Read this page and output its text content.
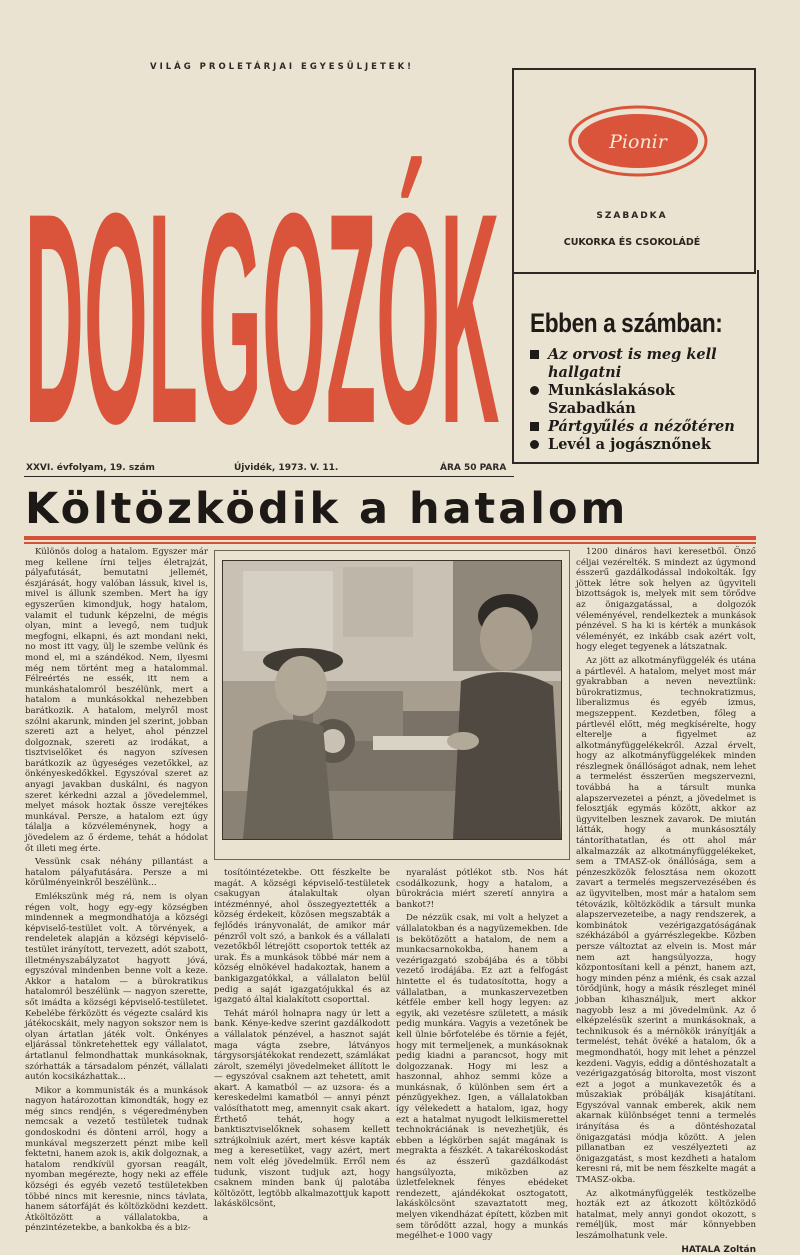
VILÁG PROLETÁRJAI EGYESÜLJETEK!
DOLGOZÓK
XXVI. évfolyam, 19. szám	Újvidék, 1973. V. 11.	ÁRA 50 PARA
Pionir
SZABADKA
CUKORKA ÉS CSOKOLÁDÉ
Ebben a számban:
Az orvost is meg kell hallgatni
Munkáslakások Szabadkán
Pártgyűlés a nézőtéren
Levél a jogásznőnek
Költözködik a hatalom

Különös dolog a hatalom. Egyszer már meg kellene írni teljes életrajzát, pályafutását, bemutatni jellemét, észjárását, hogy valóban lássuk, kivel is, mivel is állunk szemben. Mert ha így egyszerűen kimondjuk, hogy hatalom, valamit el tudunk képzelni, de mégis olyan, mint a levegő, nem tudjuk megfogni, elkapni, és azt mondani neki, no most itt vagy, ülj le szembe velünk és mond el, mi a szándékod. Nem, ilyesmi még nem történt meg a hatalommal. Félreértés ne essék, itt nem a munkáshatalomról beszélünk, mert a hatalom a munkásokkal nehezebben barátkozik. A hatalom, melyről most szólni akarunk, minden jel szerint, jobban szereti azt a helyet, ahol pénzzel dolgoznak, szereti az irodákat, a tisztviselőket és nagyon szívesen barátkozik az ügyeséges vezetőkkel, az önkényeskedőkkel. Egyszóval szeret az anyagi javakban duskálni, és nagyon szeret kérkedni azzal a jövedelemmel, melyet mások hoztak össze verejtékes munkával. Persze, a hatalom ezt úgy tálalja a közvéleménynek, hogy a jövedelem az ő érdeme, tehát a hódolat őt illeti meg érte.

Vessünk csak néhány pillantást a hatalom pályafutására. Persze a mi körülményeinkről beszélünk...

Emlékszünk még rá, nem is olyan régen volt, hogy egy-egy községben mindennek a megmondhatója a községi képviselő-testület volt. A törvények, a rendeletek alapján a községi képviselő-testület irányított, tervezett, adót szabott, illetményszabályzatot hagyott jóvá, egyszóval mindenben benne volt a keze. Akkor a hatalom — a bürokratikus hatalomról beszélünk — nagyon szerette, sőt imádta a községi képviselő-testületet. Kebelébe férközött és végezte csalárd kis játékocskáit, mely nagyon sokszor nem is olyan ártatlan játék volt. Önkényes eljárással tönkretehettek egy vállalatot, ártatlanul felmondhattak munkásoknak, szórhatták a társadalom pénzét, vállalati autón kocsikázhattak...

Mikor a kommunisták és a munkások nagyon határozottan kimondták, hogy ez még sincs rendjén, s végeredményben nemcsak a vezető testületek tudnak gondoskodni és dönteni arról, hogy a munkával megszerzett pénzt mibe kell fektetni, hanem azok is, akik dolgoznak, a hatalom rendkívül gyorsan reagált, nyomban megérezte, hogy neki az efféle községi és egyéb vezető testületekben többé nincs mit keresnie, nincs távlata, hanem sátorfáját és költözködni kezdett. Átköltözött a vállalatokba, a pénzintézetekbe, a bankokba és a biz-

tosítóintézetekbe. Ott fészkelte be magát. A községi képviselő-testületek csakugyan átalakultak olyan intézménnyé, ahol összegyeztették a község érdekeit, közösen megszabták a fejlődés irányvonalát, de amikor már pénzről volt szó, a bankok és a vállalati vezetőkből létrejött csoportok tették az urak. És a munkások többé már nem a község elnökével hadakoztak, hanem a bankigazgatókkal, a vállalaton belül pedig a saját igazgatójukkal és az igazgató által kialakított csoporttal.

Tehát máról holnapra nagy úr lett a bank. Kénye-kedve szerint gazdálkodott a vállalatok pénzével, a hasznot saját maga vágta zsebre, látványos tárgysorsjátékokat rendezett, számlákat zárolt, személyi jövedelmeket állított le — egyszóval csaknem azt tehetett, amit akart. A kamatból — az uzsora- és a kereskedelmi kamatból — annyi pénzt valósíthatott meg, amennyit csak akart. Érthető tehát, hogy a banktisztviselőknek sohasem kellett sztrájkolniuk azért, mert késve kapták meg a keresetüket, vagy azért, mert nem volt elég jövedelmük. Erről nem tudunk, viszont tudjuk azt, hogy csaknem minden bank új palotába költözött, legtöbb alkalmazottjuk kapott lakáskölcsönt,

nyaralást pótlékot stb. Nos hát csodálkozunk, hogy a hatalom, a bürokrácia miért szeretí annyira a bankot?!

De nézzük csak, mi volt a helyzet a vállalatokban és a nagyüzemekben. Ide is bekötözött a hatalom, de nem a munkacsarnokokba, hanem a vezérigazgató szobájába és a többi vezető irodájába. Ez azt a felfogást hintette el és tudatosította, hogy a vállalatban, a munkaszervezetben kétféle ember kell hogy legyen: az egyik, aki vezetésre született, a másik pedig munkára. Vagyis a vezetőnek be kell ülnie bőrfotelébe és törnie a fejét, hogy mit termeljenek, a munkásoknak pedig kiadni a parancsot, hogy mit dolgozzanak. Hogy mi lesz a haszonnal, ahhoz semmi köze a munkásnak, ő különben sem ért a pénzügyekhez. Igen, a vállalatokban így vélekedett a hatalom, igaz, hogy ezt a hatalmat nyugodt lelkiismerettel technokráciának is nevezhetjük, és ebben a légkörben saját magának is megrakta a fészkét. A takarékoskodást és az ésszerű gazdálkodást hangsúlyozta, miközben az üzletfeleknek fényes ebédeket rendezett, ajándékokat osztogatott, lakáskölcsönt szavaztatott meg, melyen vikendházat épített, közben mit sem törődött azzal, hogy a munkás megélhet-e 1000 vagy

1200 dináros havi keresetből. Önző céljai vezérelték. S mindezt az úgymond ésszerű gazdálkodással indokolták. Így jöttek létre sok helyen az ügyviteli bizottságok is, melyek mit sem törődve az önigazgatással, a dolgozók véleményével, rendelkeztek a munkások pénzével. S ha ki is kérték a munkások véleményét, ez inkább csak azért volt, hogy eleget tegyenek a látszatnak.

Az jött az alkotmányfüggelék és utána a pártlevél. A hatalom, melyet most már gyakrabban a neven neveztünk: bürokratizmus, technokratizmus, liberalizmus és egyéb izmus, megszeppent. Kezdetben, főleg a pártlevél előtt, még megkísérelte, hogy elterelje a figyelmet az alkotmányfüggelékekről. Azzal érvelt, hogy az alkotmányfüggelékek minden részlegnek önállóságot adnak, nem lehet a termelést ésszerűen megszervezni, továbbá ha a társult munka alapszervezetei a pénzt, a jövedelmet is felosztják egymás között, akkor az ügyvitelben lesznek zavarok. De miután látták, hogy a munkásosztály tántoríthatatlan, és ott ahol már alkalmazzák az alkotmányfüggelékeket, sem a TMASZ-ok önállósága, sem a pénzeszközök felosztása nem okozott zavart a termelés megszervezésében és az ügyvitelben, most már a hatalom sem tétovázik, költözködik a társult munka alapszervezeteibe, a nagy rendszerek, a kombinátok vezérigazgatóságának székházából a gyárrészlegekbe. Közben persze változtat az elvein is. Most már nem azt hangsúlyozza, hogy központosítani kell a pénzt, hanem azt, hogy minden pénz a miénk, és csak azzal törődjünk, hogy a másik részleget minél jobban kihasználjuk, mert akkor nagyobb lesz a mi jövedelmünk. Az ő elképzelésük szerint a munkásoknak, a technikusok és a mérnökök irányítják a termelést, tehát övéké a hatalom, ők a megmondhatói, hogy mit lehet a pénzzel kezdeni. Vagyis, eddig a döntéshozatalt a vezérigazgatóság bitorolta, most viszont ezt a jogot a munkavezetők és a műszakiak próbálják kisajátítani. Egyszóval vannak emberek, akik nem akarnak különbséget tenni a termelés irányítása és a döntéshozatal önigazgatási módja között. A jelen pillanatban ez veszélyezteti az önigazgatást, s most kezdheti a hatalom keresni rá, mit be nem fészkelte magát a TMASZ-okba.

Az alkotmányfüggelék testközelbe hozták ezt az átkozott költözködő hatalmat, mely annyi gondot okozott, s reméljük, most már könnyebben leszámolhatunk vele.

HATALA Zoltán
